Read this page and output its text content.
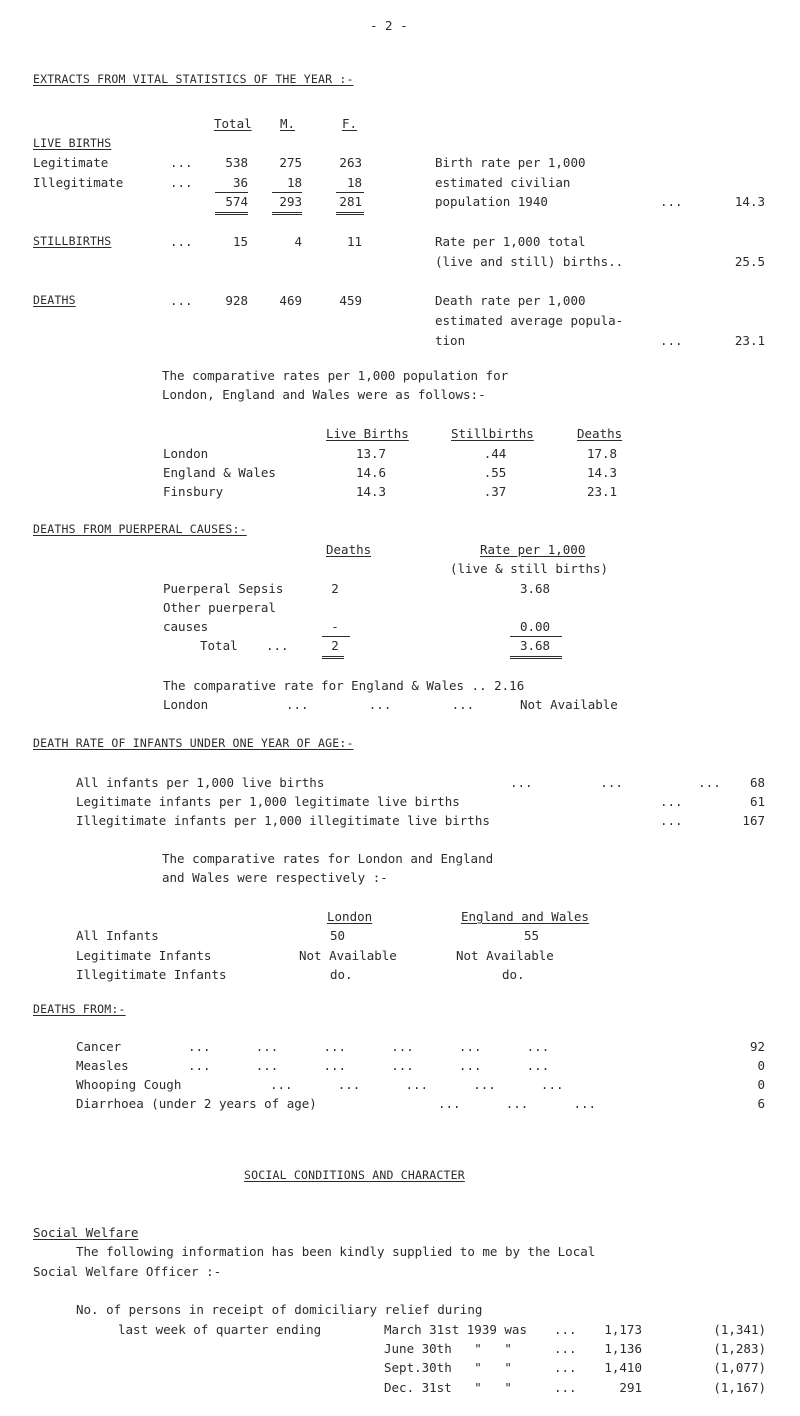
- 2 -
EXTRACTS FROM VITAL STATISTICS OF THE YEAR :-
Total M.	F.
LIVE BIRTHS
Legitimate	...	538	275	263
Illegitimate	...	36	18	18
574	293	281
Birth rate per 1,000
estimated civilian
population 1940	...	14.3
STILLBIRTHS	...	15	4	11	Rate per 1,000 total
(live and still) births..	25.5
DEATHS	...	928	469	459	Death rate per 1,000
estimated average popula-
tion	...	23.1
The comparative rates per 1,000 population for
London, England and Wales were as follows:-
Live Births	Stillbirths	Deaths
London	13.7	.44	17.8
England & Wales	14.6	.55	14.3
Finsbury	14.3	.37	23.1
DEATHS FROM PUERPERAL CAUSES:-
Deaths	Rate per 1,000
(live & still births)
Puerperal Sepsis	2	3.68
Other puerperal
causes	-	0.00
Total ...	2	3.68
The comparative rate for England & Wales .. 2.16
London	...        ...        ...	Not Available
DEATH RATE OF INFANTS UNDER ONE YEAR OF AGE:-
All infants per 1,000 live births	...         ...          ...	68
Legitimate infants per 1,000 legitimate live births	...	61
Illegitimate infants per 1,000 illegitimate live births	...	167
The comparative rates for London and England
and Wales were respectively :-
London	England and Wales
All Infants	50	55
Legitimate Infants	Not Available	Not Available
Illegitimate Infants	do.	do.
DEATHS FROM:-
Cancer	...      ...      ...      ...      ...      ...	92
Measles	...      ...      ...      ...      ...      ...	0
Whooping Cough	...      ...      ...      ...      ...	0
Diarrhoea (under 2 years of age)	...      ...      ...	6
SOCIAL CONDITIONS AND CHARACTER
Social Welfare
The following information has been kindly supplied to me by the Local
Social Welfare Officer :-
No. of persons in receipt of domiciliary relief during
last week of quarter ending	March 31st 1939 was ...	1,173	(1,341)
June 30th   "   "	...	1,136	(1,283)
Sept.30th   "   "	...	1,410	(1,077)
Dec. 31st   "   "	...	291	(1,167)
